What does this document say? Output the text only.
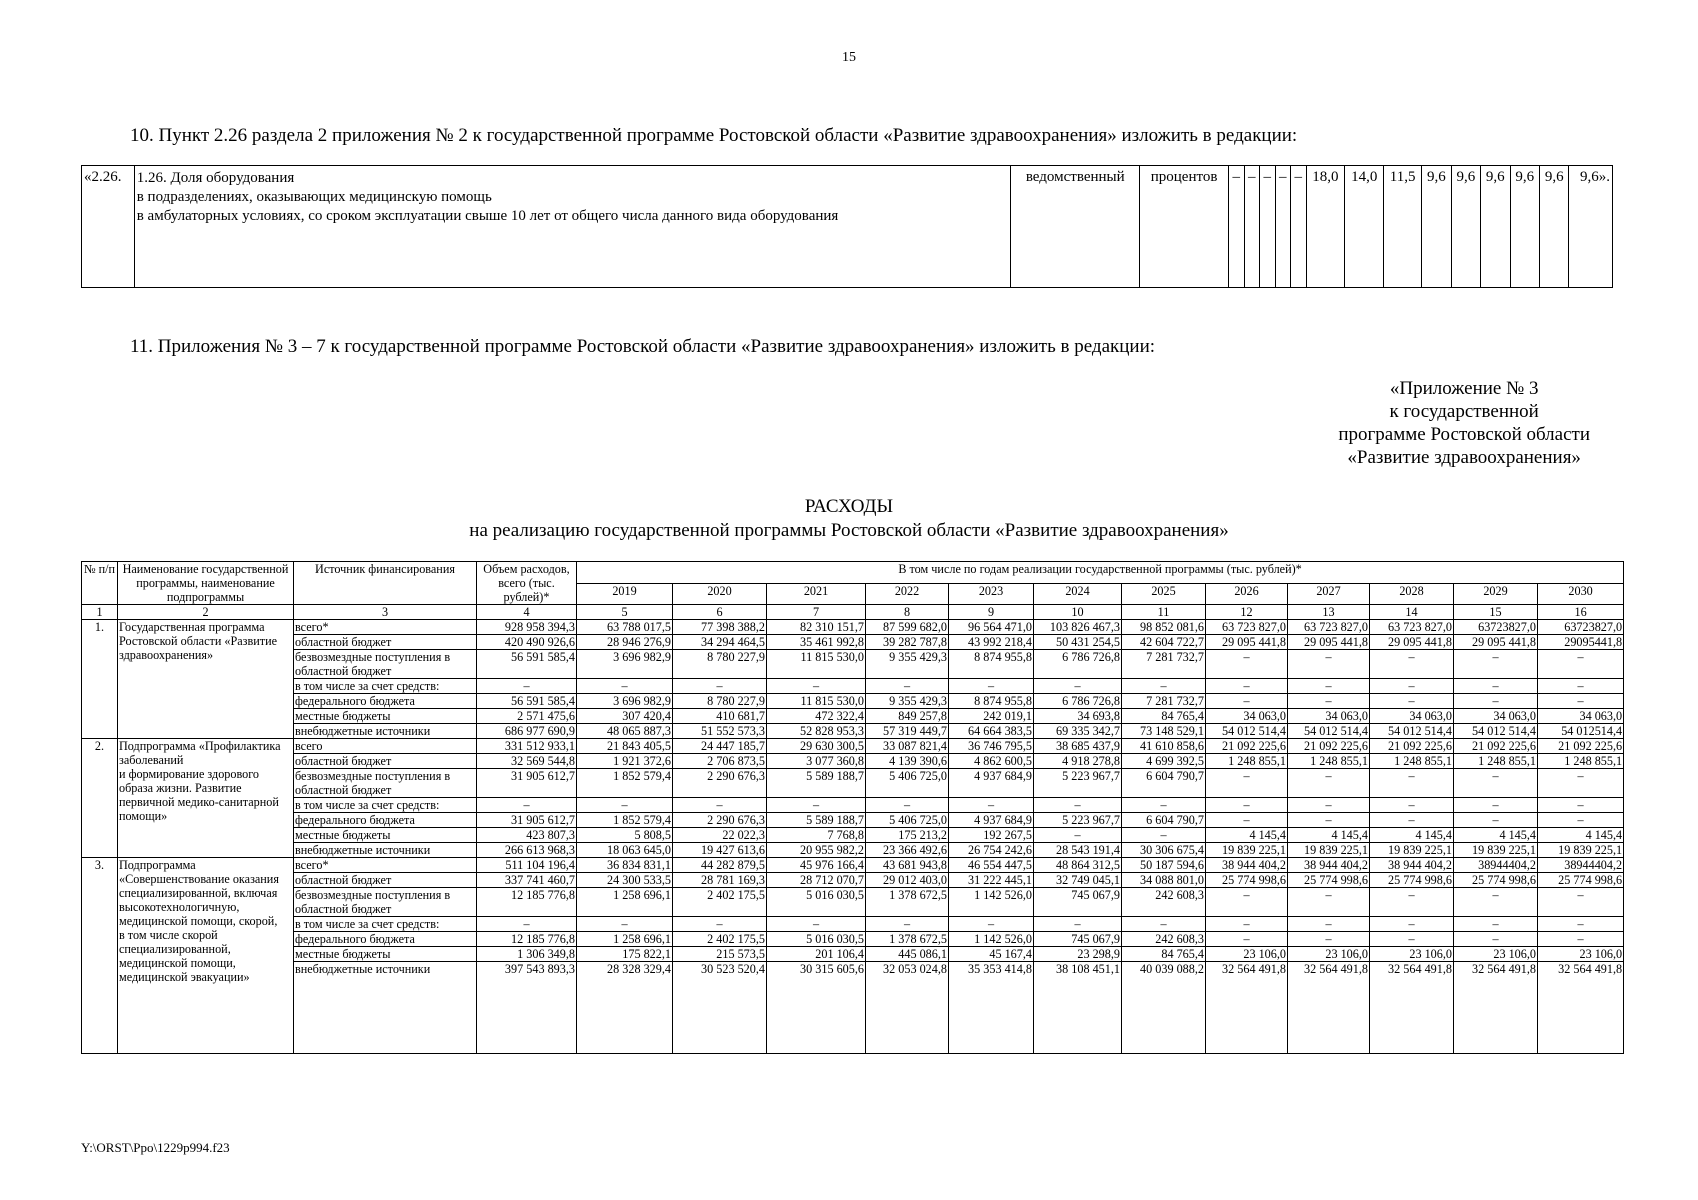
15
10. Пункт 2.26 раздела 2 приложения № 2 к государственной программе Ростовской области «Развитие здравоохранения» изложить в редакции:
«2.26.	1.26. Доля оборудования
в подразделениях, оказывающих медицинскую помощь
в амбулаторных условиях, со сроком эксплуатации свыше 10 лет от общего числа данного вида оборудования	ведомственный	процентов	–	–	–	–	–	18,0	14,0	11,5	9,6	9,6	9,6	9,6	9,6	9,6».
11. Приложения № 3 – 7 к государственной программе Ростовской области «Развитие здравоохранения» изложить в редакции:
«Приложение № 3
к государственной
программе Ростовской области
«Развитие здравоохранения»
РАСХОДЫ
на реализацию государственной программы Ростовской области «Развитие здравоохранения»
№ п/п	Наименование государственной программы, наименование подпрограммы	Источник финансирования	Объем расходов, всего (тыс. рублей)*	В том числе по годам реализации государственной программы (тыс. рублей)*											
				2019	2020	2021	2022	2023	2024	2025	2026	2027	2028	2029	2030
1	2	3	4	5	6	7	8	9	10	11	12	13	14	15	16
1.	Государственная программа Ростовской области «Развитие здравоохранения»	всего*	928 958 394,3	63 788 017,5	77 398 388,2	82 310 151,7	87 599 682,0	96 564 471,0	103 826 467,3	98 852 081,6	63 723 827,0	63 723 827,0	63 723 827,0	63723827,0	63723827,0
		областной бюджет	420 490 926,6	28 946 276,9	34 294 464,5	35 461 992,8	39 282 787,8	43 992 218,4	50 431 254,5	42 604 722,7	29 095 441,8	29 095 441,8	29 095 441,8	29 095 441,8	29095441,8
		безвозмездные поступления в областной бюджет	56 591 585,4	3 696 982,9	8 780 227,9	11 815 530,0	9 355 429,3	8 874 955,8	6 786 726,8	7 281 732,7	–	–	–	–	–
		в том числе за счет средств:	–	–	–	–	–	–	–	–	–	–	–	–	–
		федерального бюджета	56 591 585,4	3 696 982,9	8 780 227,9	11 815 530,0	9 355 429,3	8 874 955,8	6 786 726,8	7 281 732,7	–	–	–	–	–
		местные бюджеты	2 571 475,6	307 420,4	410 681,7	472 322,4	849 257,8	242 019,1	34 693,8	84 765,4	34 063,0	34 063,0	34 063,0	34 063,0	34 063,0
		внебюджетные источники	686 977 690,9	48 065 887,3	51 552 573,3	52 828 953,3	57 319 449,7	64 664 383,5	69 335 342,7	73 148 529,1	54 012 514,4	54 012 514,4	54 012 514,4	54 012 514,4	54 012514,4
2.	Подпрограмма «Профилактика заболеваний
и формирование здорового образа жизни. Развитие первичной медико-санитарной помощи»	всего	331 512 933,1	21 843 405,5	24 447 185,7	29 630 300,5	33 087 821,4	36 746 795,5	38 685 437,9	41 610 858,6	21 092 225,6	21 092 225,6	21 092 225,6	21 092 225,6	21 092 225,6
		областной бюджет	32 569 544,8	1 921 372,6	2 706 873,5	3 077 360,8	4 139 390,6	4 862 600,5	4 918 278,8	4 699 392,5	1 248 855,1	1 248 855,1	1 248 855,1	1 248 855,1	1 248 855,1
		безвозмездные поступления в областной бюджет	31 905 612,7	1 852 579,4	2 290 676,3	5 589 188,7	5 406 725,0	4 937 684,9	5 223 967,7	6 604 790,7	–	–	–	–	–
		в том числе за счет средств:	–	–	–	–	–	–	–	–	–	–	–	–	–
		федерального бюджета	31 905 612,7	1 852 579,4	2 290 676,3	5 589 188,7	5 406 725,0	4 937 684,9	5 223 967,7	6 604 790,7	–	–	–	–	–
		местные бюджеты	423 807,3	5 808,5	22 022,3	7 768,8	175 213,2	192 267,5	–	–	4 145,4	4 145,4	4 145,4	4 145,4	4 145,4
		внебюджетные источники	266 613 968,3	18 063 645,0	19 427 613,6	20 955 982,2	23 366 492,6	26 754 242,6	28 543 191,4	30 306 675,4	19 839 225,1	19 839 225,1	19 839 225,1	19 839 225,1	19 839 225,1
3.	Подпрограмма «Совершенствование оказания специализированной, включая высокотехнологичную, медицинской помощи, скорой,
в том числе скорой специализированной, медицинской помощи, медицинской эвакуации»	всего*	511 104 196,4	36 834 831,1	44 282 879,5	45 976 166,4	43 681 943,8	46 554 447,5	48 864 312,5	50 187 594,6	38 944 404,2	38 944 404,2	38 944 404,2	38944404,2	38944404,2
		областной бюджет	337 741 460,7	24 300 533,5	28 781 169,3	28 712 070,7	29 012 403,0	31 222 445,1	32 749 045,1	34 088 801,0	25 774 998,6	25 774 998,6	25 774 998,6	25 774 998,6	25 774 998,6
		безвозмездные поступления в областной бюджет	12 185 776,8	1 258 696,1	2 402 175,5	5 016 030,5	1 378 672,5	1 142 526,0	745 067,9	242 608,3	–	–	–	–	–
		в том числе за счет средств:	–	–	–	–	–	–	–	–	–	–	–	–	–
		федерального бюджета	12 185 776,8	1 258 696,1	2 402 175,5	5 016 030,5	1 378 672,5	1 142 526,0	745 067,9	242 608,3	–	–	–	–	–
		местные бюджеты	1 306 349,8	175 822,1	215 573,5	201 106,4	445 086,1	45 167,4	23 298,9	84 765,4	23 106,0	23 106,0	23 106,0	23 106,0	23 106,0
		внебюджетные источники	397 543 893,3	28 328 329,4	30 523 520,4	30 315 605,6	32 053 024,8	35 353 414,8	38 108 451,1	40 039 088,2	32 564 491,8	32 564 491,8	32 564 491,8	32 564 491,8	32 564 491,8
Y:\ORST\Ppo\1229p994.f23
